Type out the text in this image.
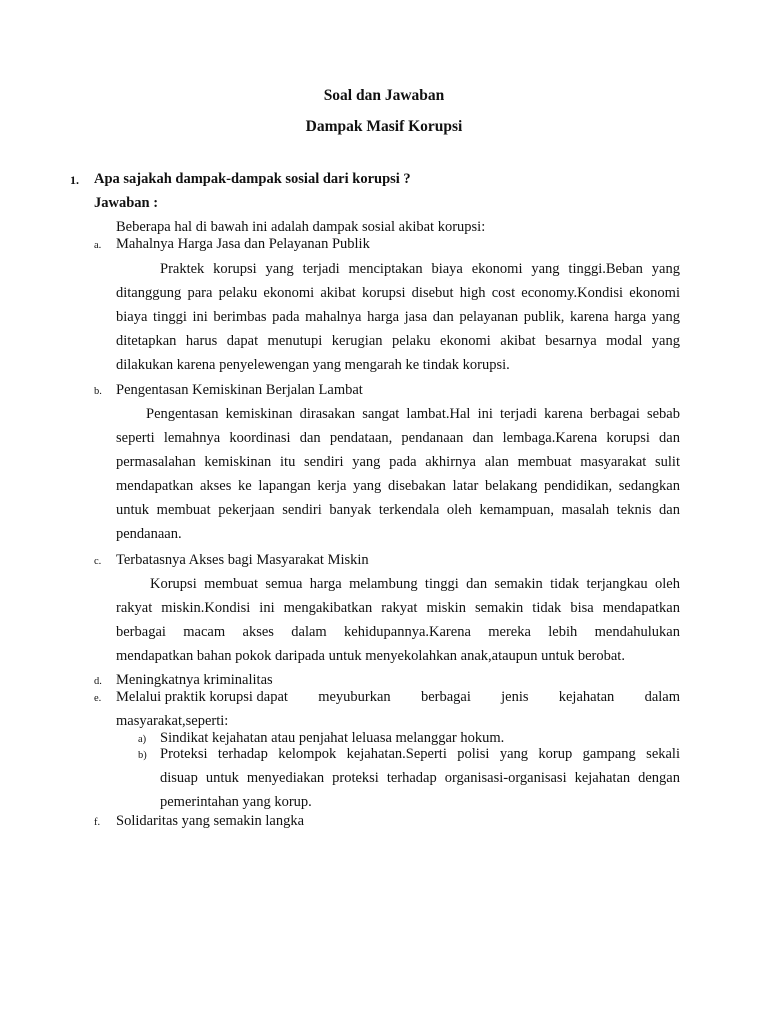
Soal dan Jawaban
Dampak Masif Korupsi
1. Apa sajakah dampak-dampak sosial dari korupsi ?
Jawaban :
Beberapa hal di bawah ini adalah dampak sosial akibat korupsi:
a. Mahalnya Harga Jasa dan Pelayanan Publik
Praktek korupsi yang terjadi menciptakan biaya ekonomi yang tinggi.Beban yang
ditanggung para pelaku ekonomi akibat korupsi disebut high cost economy.Kondisi ekonomi
biaya tinggi ini berimbas pada mahalnya harga jasa dan pelayanan publik, karena harga yang
ditetapkan harus dapat menutupi kerugian pelaku ekonomi akibat besarnya modal yang
dilakukan karena penyelewengan yang mengarah ke tindak korupsi.
b. Pengentasan Kemiskinan Berjalan Lambat
Pengentasan kemiskinan dirasakan sangat lambat.Hal ini terjadi karena berbagai sebab
seperti lemahnya koordinasi dan pendataan, pendanaan dan lembaga.Karena korupsi dan
permasalahan kemiskinan itu sendiri yang pada akhirnya alan membuat masyarakat sulit
mendapatkan akses ke lapangan kerja yang disebakan latar belakang pendidikan, sedangkan
untuk membuat pekerjaan sendiri banyak terkendala oleh kemampuan, masalah teknis dan
pendanaan.
c. Terbatasnya Akses bagi Masyarakat Miskin
Korupsi membuat semua harga melambung tinggi dan semakin tidak terjangkau oleh
rakyat miskin.Kondisi ini mengakibatkan rakyat miskin semakin tidak bisa mendapatkan
berbagai macam akses dalam kehidupannya.Karena mereka lebih mendahulukan
mendapatkan bahan pokok daripada untuk menyekolahkan anak,ataupun untuk berobat.
d. Meningkatnya kriminalitas
e. Melalui praktik korupsi dapat meyuburkan berbagai jenis kejahatan dalam
masyarakat,seperti:
a) Sindikat kejahatan atau penjahat leluasa melanggar hokum.
b) Proteksi terhadap kelompok kejahatan.Seperti polisi yang korup gampang sekali
disuap untuk menyediakan proteksi terhadap organisasi-organisasi kejahatan dengan
pemerintahan yang korup.
f. Solidaritas yang semakin langka
